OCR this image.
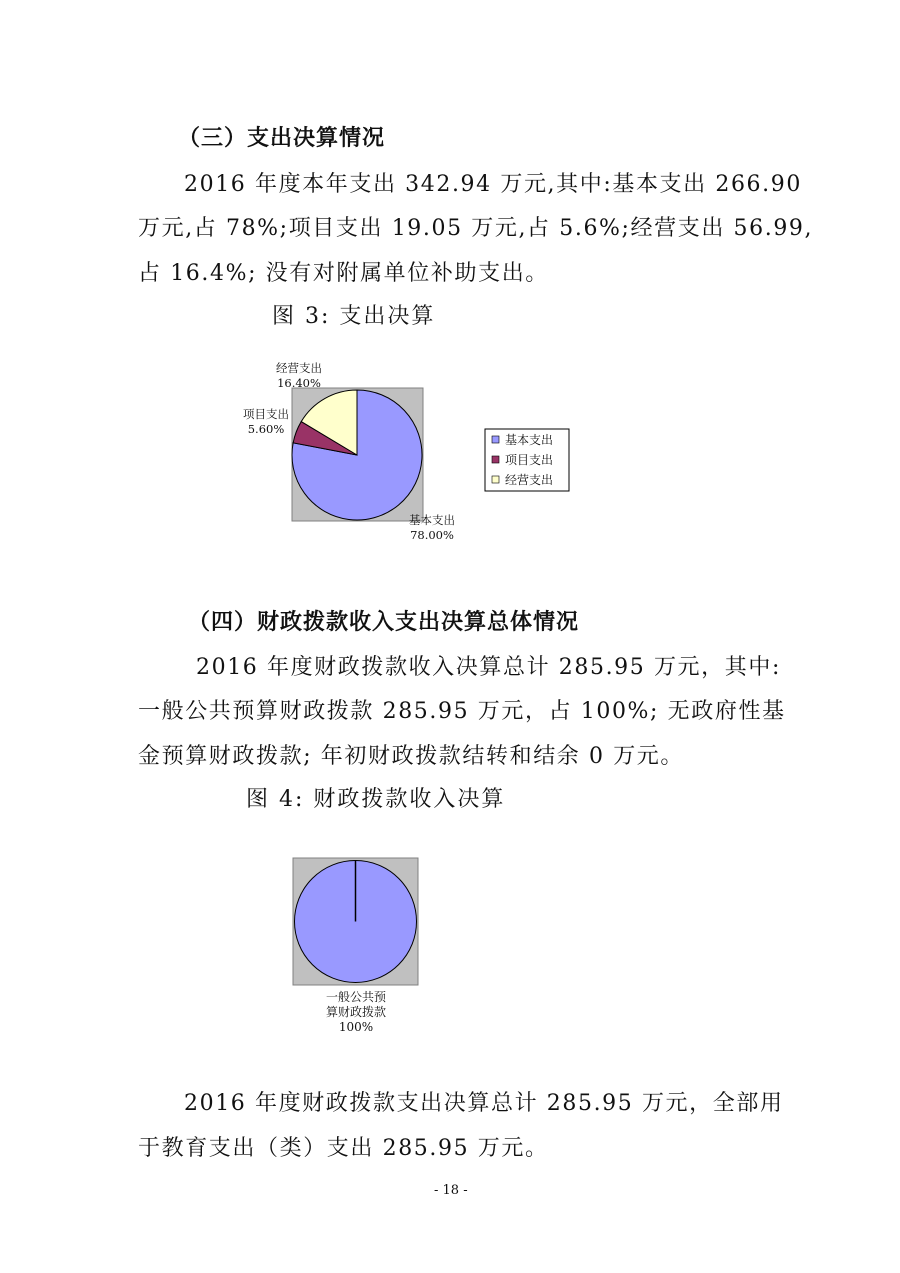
（三）支出决算情况
2016 年度本年支出 342.94 万元,其中:基本支出 266.90
万元,占 78%;项目支出 19.05 万元,占 5.6%;经营支出 56.99,
占 16.4%; 没有对附属单位补助支出。
图 3: 支出决算
基本支出
项目支出
经营支出
经营支出
16.40%
项目支出
5.60%
基本支出
78.00%
（四）财政拨款收入支出决算总体情况
2016 年度财政拨款收入决算总计 285.95 万元，其中:
一般公共预算财政拨款 285.95 万元，占 100%; 无政府性基
金预算财政拨款; 年初财政拨款结转和结余 0 万元。
图 4: 财政拨款收入决算
一般公共预
算财政拨款
100%
2016 年度财政拨款支出决算总计 285.95 万元，全部用
于教育支出（类）支出 285.95 万元。
- 18 -
